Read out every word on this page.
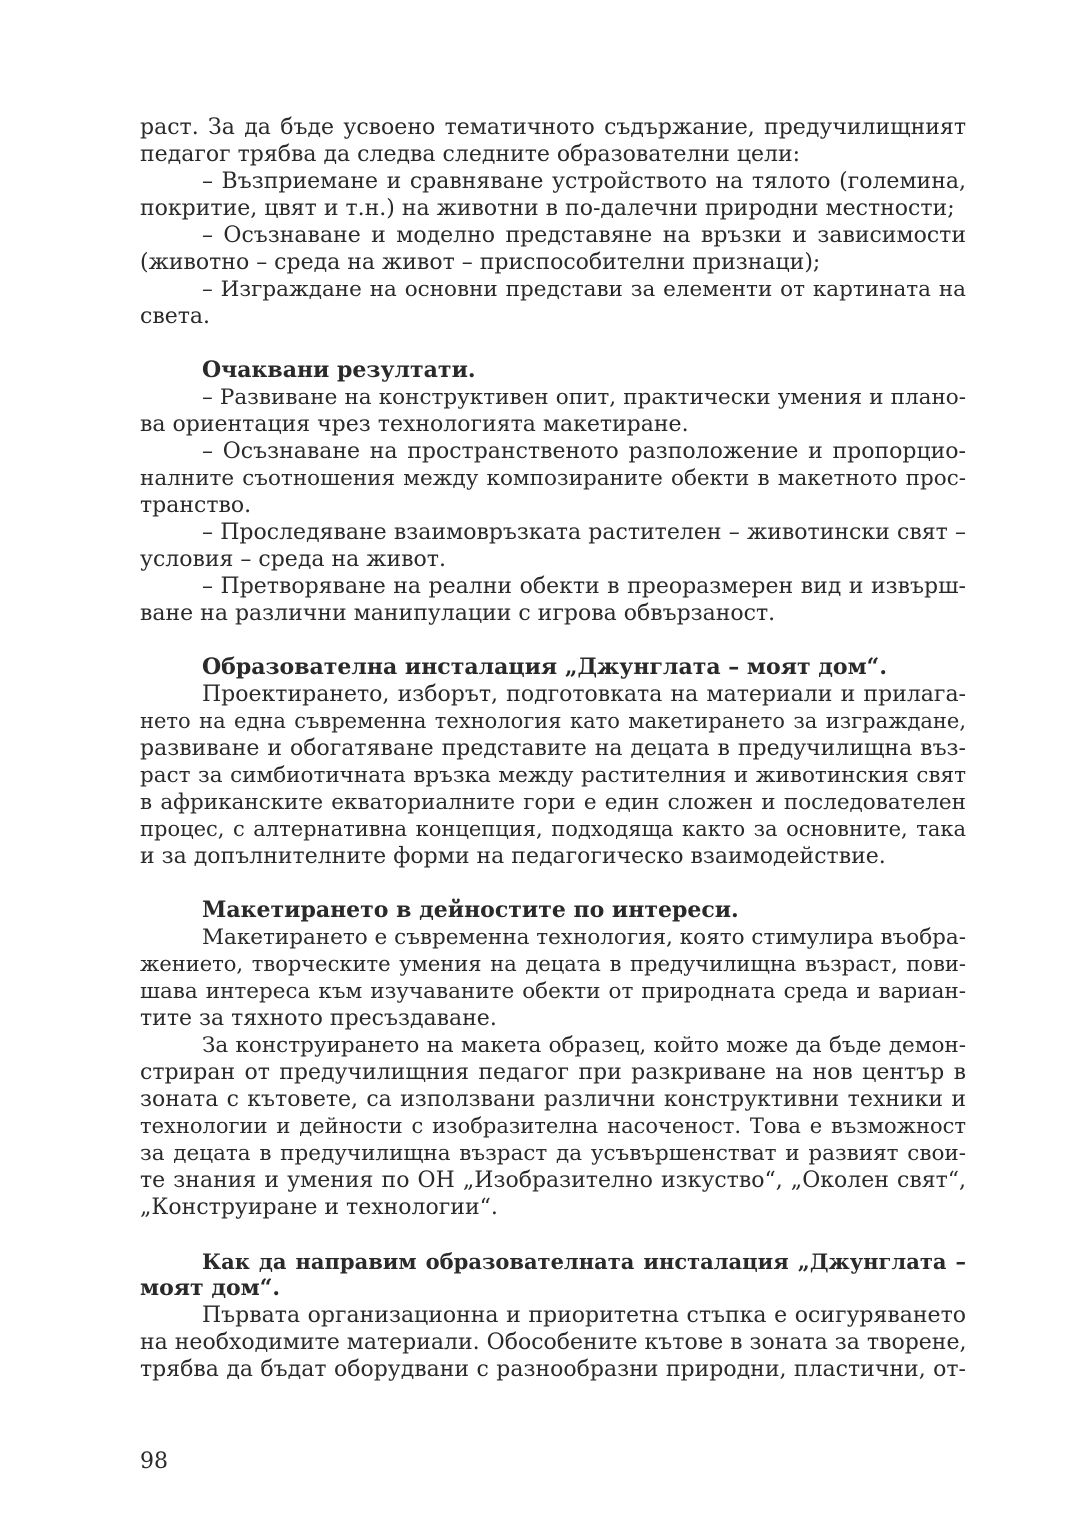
раст. За да бъде усвоено тематичното съдържание, предучилищният
педагог трябва да следва следните образователни цели:
– Възприемане и сравняване устройството на тялото (големина,
покритие, цвят и т.н.) на животни в по-далечни природни местности;
– Осъзнаване и моделно представяне на връзки и зависимости
(животно – среда на живот – приспособителни признаци);
– Изграждане на основни представи за елементи от картината на
света.
Очаквани резултати.
– Развиване на конструктивен опит, практически умения и плано-
ва ориентация чрез технологията макетиране.
– Осъзнаване на пространственото разположение и пропорцио-
налните съотношения между композираните обекти в макетното прос-
транство.
– Проследяване взаимовръзката растителен – животински свят –
условия – среда на живот.
– Претворяване на реални обекти в преоразмерен вид и извърш-
ване на различни манипулации с игрова обвързаност.
Образователна инсталация „Джунглата – моят дом“.
Проектирането, изборът, подготовката на материали и прилага-
нето на една съвременна технология като макетирането за изграждане,
развиване и обогатяване представите на децата в предучилищна въз-
раст за симбиотичната връзка между растителния и животинския свят
в африканските екваториалните гори е един сложен и последователен
процес, с алтернативна концепция, подходяща както за основните, така
и за допълнителните форми на педагогическо взаимодействие.
Макетирането в дейностите по интереси.
Макетирането е съвременна технология, която стимулира въобра-
жението, творческите умения на децата в предучилищна възраст, пови-
шава интереса към изучаваните обекти от природната среда и вариан-
тите за тяхното пресъздаване.
За конструирането на макета образец, който може да бъде демон-
стриран от предучилищния педагог при разкриване на нов център в
зоната с кътовете, са използвани различни конструктивни техники и
технологии и дейности с изобразителна насоченост. Това е възможност
за децата в предучилищна възраст да усъвършенстват и развият свои-
те знания и умения по ОН „Изобразително изкуство“, „Околен свят“,
„Конструиране и технологии“.
Как да направим образователната инсталация „Джунглата –
моят дом“.
Първата организационна и приоритетна стъпка е осигуряването
на необходимите материали. Обособените кътове в зоната за творене,
трябва да бъдат оборудвани с разнообразни природни, пластични, от-
98
